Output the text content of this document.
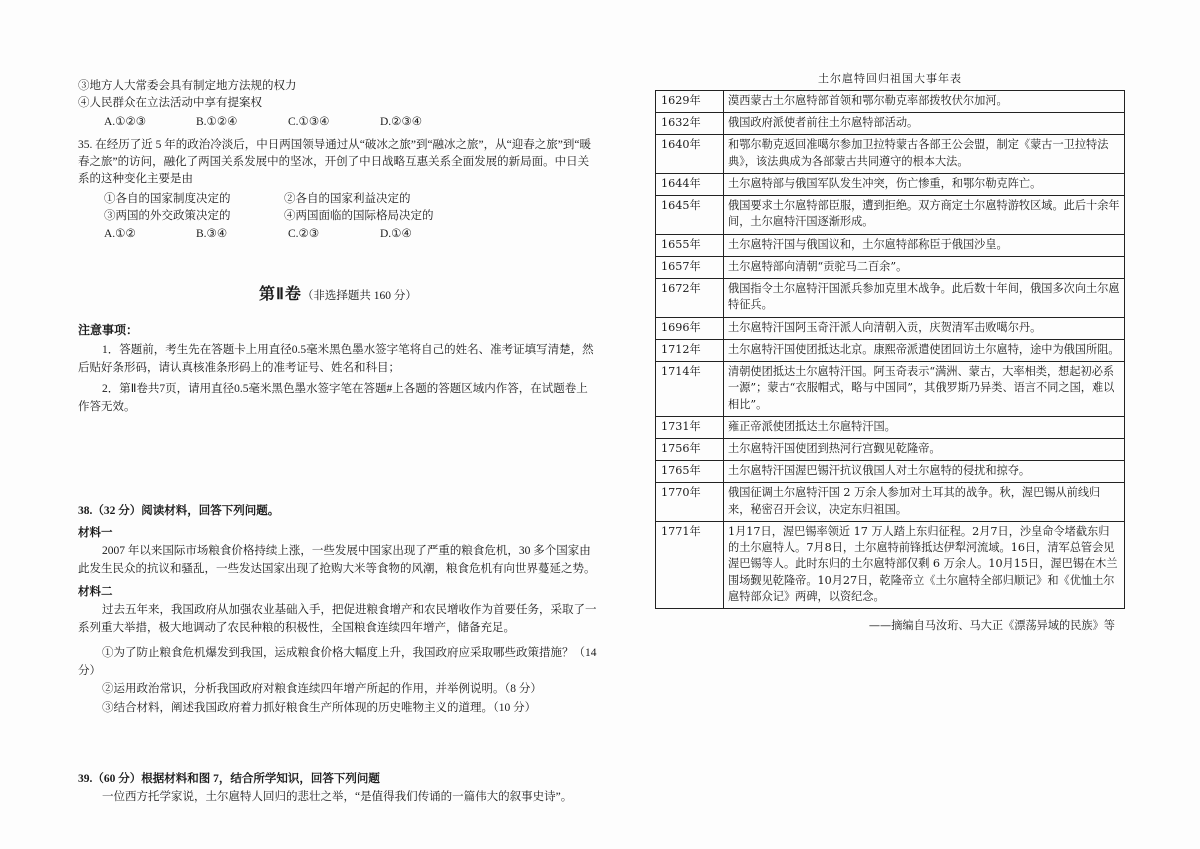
③地方人大常委会具有制定地方法规的权力
④人民群众在立法活动中享有提案权
A.①②③	B.①②④	C.①③④	D.②③④
35. 在经历了近 5 年的政治冷淡后，中日两国领导通过从“破冰之旅”到“融冰之旅”，从“迎春之旅”到“暖春之旅”的访问，融化了两国关系发展中的坚冰，开创了中日战略互惠关系全面发展的新局面。中日关系的这种变化主要是由
①各自的国家制度决定的	②各自的国家利益决定的
③两国的外交政策决定的	④两国面临的国际格局决定的
A.①②	B.③④	C.②③	D.①④
第Ⅱ卷（非选择题共 160 分）
注意事项：
1．答题前，考生先在答题卡上用直径0.5毫米黑色墨水签字笔将自己的姓名、准考证填写清楚，然后贴好条形码，请认真核准条形码上的准考证号、姓名和科目；
2．第Ⅱ卷共7页，请用直径0.5毫米黑色墨水签字笔在答题#上各题的答题区域内作答，在试题卷上作答无效。
38.（32 分）阅读材料，回答下列问题。
材料一
2007 年以来国际市场粮食价格持续上涨，一些发展中国家出现了严重的粮食危机，30 多个国家由此发生民众的抗议和骚乱，一些发达国家出现了抢购大米等食物的风潮，粮食危机有向世界蔓延之势。
材料二
过去五年来，我国政府从加强农业基础入手，把促进粮食增产和农民增收作为首要任务，采取了一系列重大举措，极大地调动了农民种粮的积极性，全国粮食连续四年增产，储备充足。
①为了防止粮食危机爆发到我国，运成粮食价格大幅度上升，我国政府应采取哪些政策措施？（14 分）
②运用政治常识，分析我国政府对粮食连续四年增产所起的作用，并举例说明。（8 分）
③结合材料，阐述我国政府着力抓好粮食生产所体现的历史唯物主义的道理。（10 分）
39.（60 分）根据材料和图 7，结合所学知识，回答下列问题
一位西方托学家说，土尔扈特人回归的悲壮之举，“是值得我们传诵的一篇伟大的叙事史诗”。
土尔扈特回归祖国大事年表
1629年	漠西蒙古土尔扈特部首领和鄂尔勒克率部拨牧伏尔加河。
1632年	俄国政府派使者前往土尔扈特部活动。
1640年	和鄂尔勒克返回准噶尔参加卫拉特蒙古各部王公会盟，制定《蒙古一卫拉特法典》，该法典成为各部蒙古共同遵守的根本大法。
1644年	土尔扈特部与俄国军队发生冲突，伤亡惨重，和鄂尔勒克阵亡。
1645年	俄国要求土尔扈特部臣服，遭到拒绝。双方商定土尔扈特游牧区域。此后十余年间，土尔扈特汗国逐渐形成。
1655年	土尔扈特汗国与俄国议和，土尔扈特部称臣于俄国沙皇。
1657年	土尔扈特部向清朝“贡驼马二百余”。
1672年	俄国指令土尔扈特汗国派兵参加克里木战争。此后数十年间，俄国多次向土尔扈特征兵。
1696年	土尔扈特汗国阿玉奇汗派人向清朝入贡，庆贺清军击败噶尔丹。
1712年	土尔扈特汗国使团抵达北京。康熙帝派遣使团回访土尔扈特，途中为俄国所阻。
1714年	清朝使团抵达土尔扈特汗国。阿玉奇表示“满洲、蒙古，大率相类，想起初必系一源”；蒙古“衣服帽式，略与中国同”，其俄罗斯乃异类、语言不同之国，难以相比”。
1731年	雍正帝派使团抵达土尔扈特汗国。
1756年	土尔扈特汗国使团到热河行宫觐见乾隆帝。
1765年	土尔扈特汗国渥巴锡汗抗议俄国人对土尔扈特的侵扰和掠夺。
1770年	俄国征调土尔扈特汗国 2 万余人参加对土耳其的战争。秋，渥巴锡从前线归来，秘密召开会议，决定东归祖国。
1771年	1月17日，渥巴锡率领近 17 万人踏上东归征程。2月7日，沙皇命令堵截东归的土尔扈特人。7月8日，土尔扈特前锋抵达伊犁河流域。16日，清军总管会见渥巴锡等人。此时东归的土尔扈特部仅剩 6 万余人。10月15日，渥巴锡在木兰围场觐见乾隆帝。10月27日，乾隆帝立《土尔扈特全部归顺记》和《优恤土尔扈特部众记》两碑，以资纪念。
——摘编自马汝珩、马大正《漂荡异域的民族》等
